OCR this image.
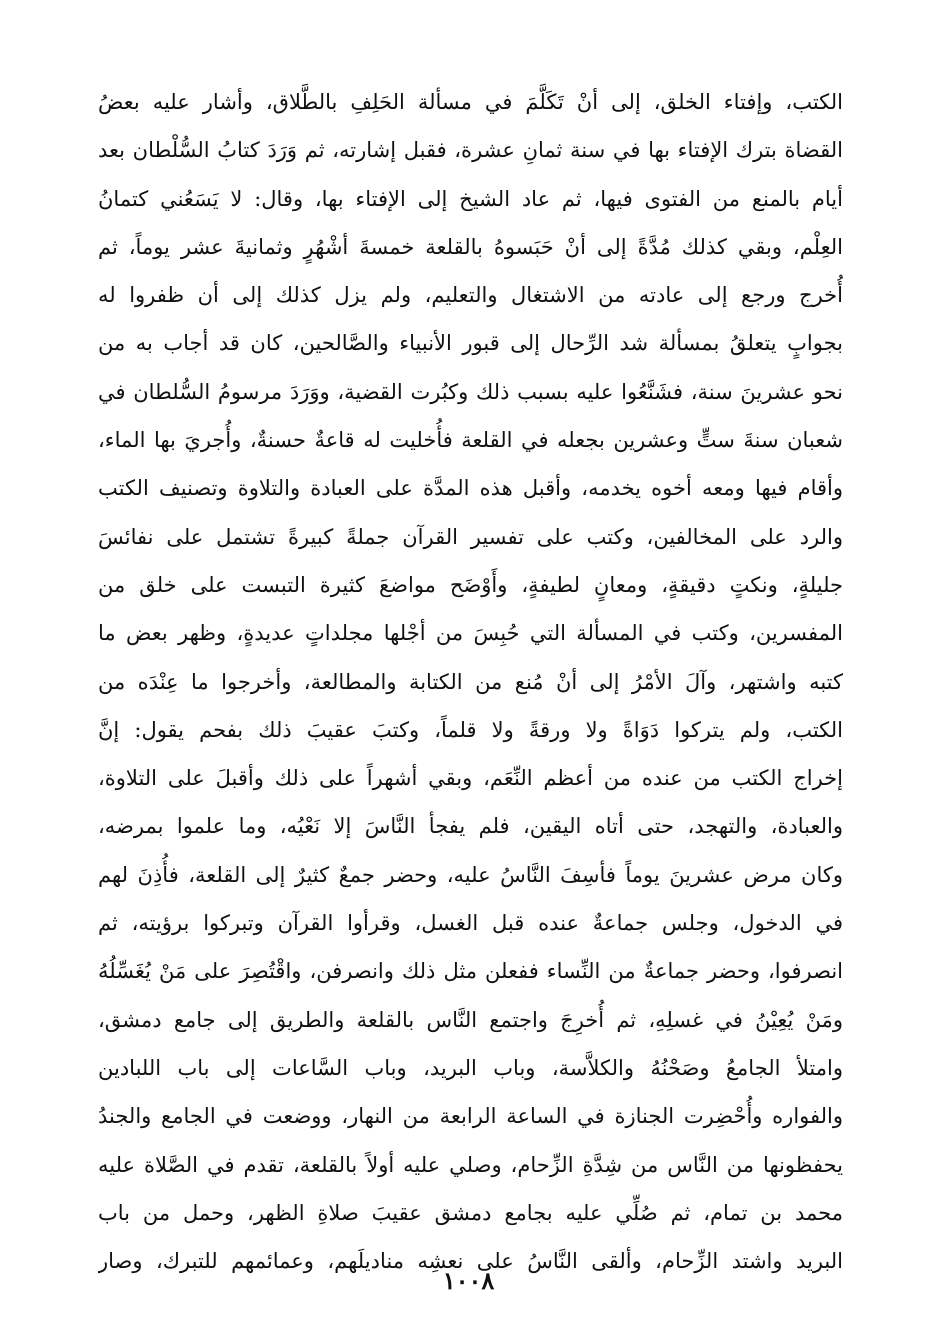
الكتب، وإفتاء الخلق، إلى أنْ تَكَلَّمَ في مسألة الحَلِفِ بالطَّلاق، وأشار عليه بعضُ
القضاة بترك الإفتاء بها في سنة ثمانِ عشرة، فقبل إشارته، ثم وَرَدَ كتابُ السُّلْطان بعد
أيام بالمنع من الفتوى فيها، ثم عاد الشيخ إلى الإفتاء بها، وقال: لا يَسَعُني كتمانُ
العِلْم، وبقي كذلك مُدَّةً إلى أنْ حَبَسوهُ بالقلعة خمسةَ أشْهُرٍ وثمانيةَ عشر يوماً، ثم
أُخرج ورجع إلى عادته من الاشتغال والتعليم، ولم يزل كذلك إلى أن ظفروا له
بجوابٍ يتعلقُ بمسألة شد الرِّحال إلى قبور الأنبياء والصَّالحين، كان قد أجاب به من
نحو عشرينَ سنة، فشَنَّعُوا عليه بسبب ذلك وكبُرت القضية، ووَرَدَ مرسومُ السُّلطان في
شعبان سنةَ ستٍّ وعشرين بجعله في القلعة فأُخليت له قاعةٌ حسنةٌ، وأُجريَ بها الماء،
وأقام فيها ومعه أخوه يخدمه، وأقبل هذه المدَّة على العبادة والتلاوة وتصنيف الكتب
والرد على المخالفين، وكتب على تفسير القرآن جملةً كبيرةً تشتمل على نفائسَ
جليلةٍ، ونكتٍ دقيقةٍ، ومعانٍ لطيفةٍ، وأَوْضَح مواضعَ كثيرة التبست على خلق من
المفسرين، وكتب في المسألة التي حُبِسَ من أجْلها مجلداتٍ عديدةٍ، وظهر بعض ما
كتبه واشتهر، وآلَ الأمْرُ إلى أنْ مُنع من الكتابة والمطالعة، وأخرجوا ما عِنْدَه من
الكتب، ولم يتركوا دَوَاةً ولا ورقةً ولا قلماً، وكتبَ عقيبَ ذلك بفحم يقول: إنَّ
إخراج الكتب من عنده من أعظم النِّعَم، وبقي أشهراً على ذلك وأقبلَ على التلاوة،
والعبادة، والتهجد، حتى أتاه اليقين، فلم يفجأ النَّاسَ إلا نَعْيُه، وما علموا بمرضه،
وكان مرض عشرينَ يوماً فأسِفَ النَّاسُ عليه، وحضر جمعٌ كثيرٌ إلى القلعة، فأُذِنَ لهم
في الدخول، وجلس جماعةٌ عنده قبل الغسل، وقرأوا القرآن وتبركوا برؤيته، ثم
انصرفوا، وحضر جماعةٌ من النِّساء ففعلن مثل ذلك وانصرفن، واقْتُصِرَ على مَنْ يُغَسِّلُهُ
ومَنْ يُعِيْنُ في غسلِهِ، ثم أُخرِجَ واجتمع النَّاس بالقلعة والطريق إلى جامع دمشق،
وامتلأ الجامعُ وصَحْنُهُ والكلاَّسة، وباب البريد، وباب السَّاعات إلى باب اللبادين
والفواره وأُحْضِرت الجنازة في الساعة الرابعة من النهار، ووضعت في الجامع والجندُ
يحفظونها من النَّاس من شِدَّةِ الزِّحام، وصلي عليه أولاً بالقلعة، تقدم في الصَّلاة عليه
محمد بن تمام، ثم صُلِّي عليه بجامع دمشق عقيبَ صلاةِ الظهر، وحمل من باب
البريد واشتد الزِّحام، وألقى النَّاسُ على نعشِه مناديلَهم، وعمائمهم للتبرك، وصار
١٠٠٨
